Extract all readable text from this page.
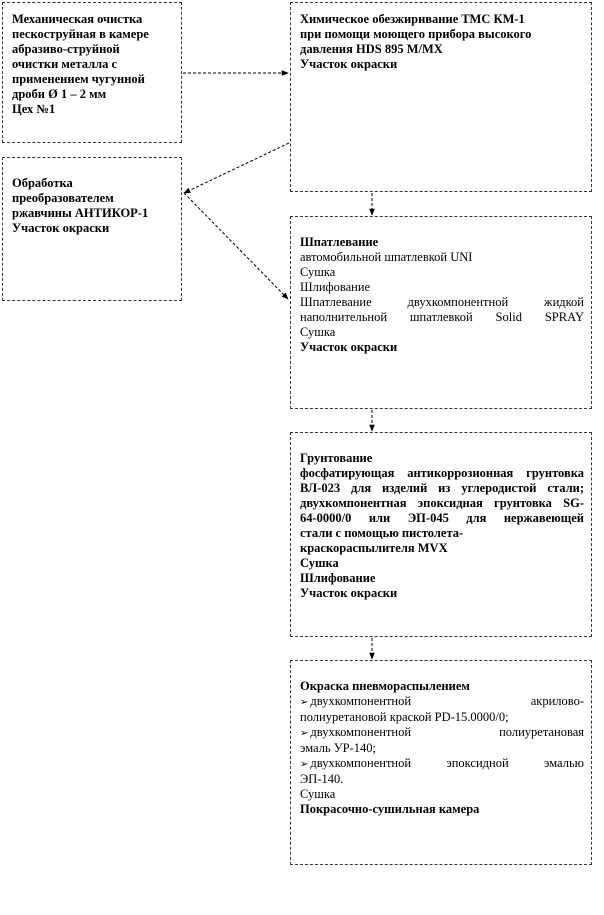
Механическая очистка
пескоструйная в камере
абразиво-струйной
очистки металла с
применением чугунной
дроби Ø 1 – 2 мм
Цех №1
Химическое обезжиривание ТМС КМ-1
при помощи моющего прибора высокого
давления HDS 895 M/MX
Участок окраски
Обработка
преобразователем
ржавчины АНТИКОР-1
Участок окраски
Шпатлевание
автомобильной шпатлевкой UNI
Сушка
Шлифование
Шпатлевание двухкомпонентной жидкой
наполнительной шпатлевкой Solid SPRAY
Сушка
Участок окраски
Грунтование
фосфатирующая антикоррозионная грунтовка
ВЛ-023 для изделий из углеродистой стали;
двухкомпонентная эпоксидная грунтовка SG-
64-0000/0 или ЭП-045 для нержавеющей
стали с помощью пистолета-
краскораспылителя MVX
Сушка
Шлифование
Участок окраски
Окраска пневмораспылением
➢ двухкомпонентной акрилово-
полиуретановой краской PD-15.0000/0;
➢ двухкомпонентной полиуретановая
эмаль УР-140;
➢ двухкомпонентной эпоксидной эмалью
ЭП-140.
Сушка
Покрасочно-сушильная камера
